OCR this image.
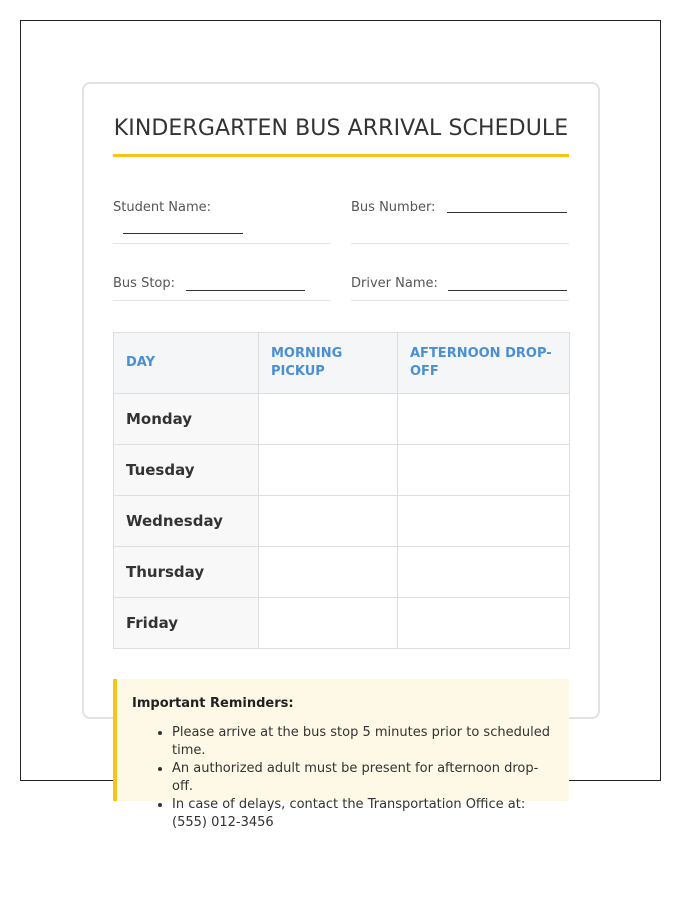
KINDERGARTEN BUS ARRIVAL SCHEDULE
Student Name:	Bus Number:
Bus Stop:	Driver Name:
DAY	MORNING PICKUP	AFTERNOON DROP-OFF
Monday		
Tuesday		
Wednesday		
Thursday		
Friday		

Important Reminders:

• Please arrive at the bus stop 5 minutes prior to scheduled time.
• An authorized adult must be present for afternoon drop-off.
• In case of delays, contact the Transportation Office at: (555) 012-3456
